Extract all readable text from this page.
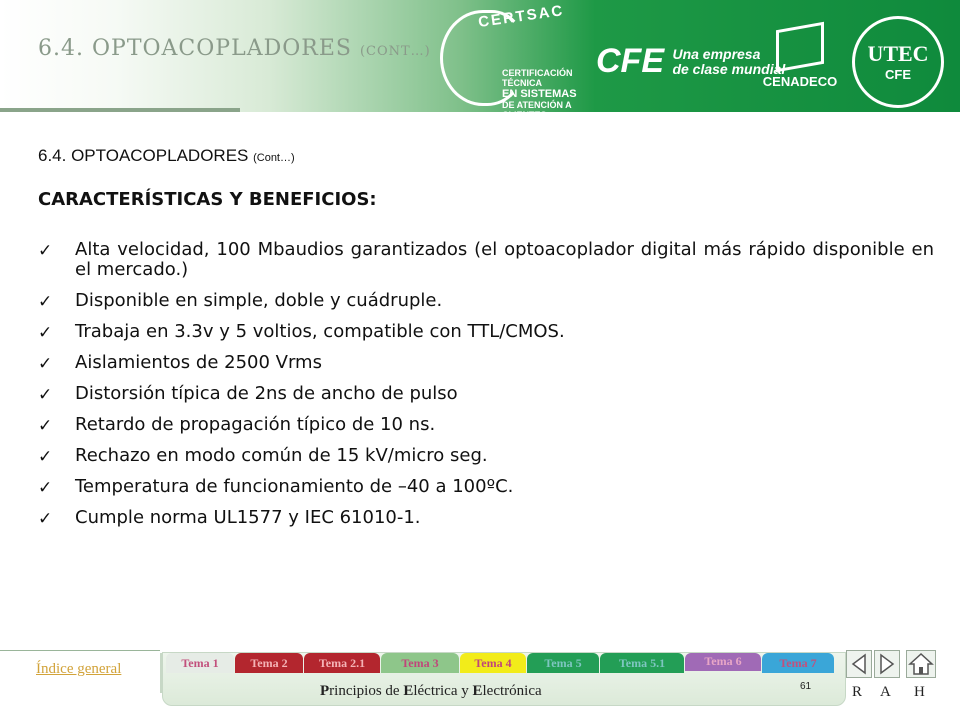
6.4. OPTOACOPLADORES (CONT…)
CERTSAC
CERTIFICACIÓN TÉCNICA
EN SISTEMAS
DE ATENCIÓN A CLIENTES
CFE Una empresa
de clase mundial
CENADECO
UTEC
CFE
6.4. OPTOACOPLADORES (Cont…)
CARACTERÍSTICAS Y BENEFICIOS:
✓ Alta velocidad, 100 Mbaudios garantizados (el optoacoplador digital más rápido disponible en el mercado.)
✓ Disponible en simple, doble y cuádruple.
✓ Trabaja en 3.3v y 5 voltios, compatible con TTL/CMOS.
✓ Aislamientos de 2500 Vrms
✓ Distorsión típica de 2ns de ancho de pulso
✓ Retardo de propagación típico de 10 ns.
✓ Rechazo en modo común de 15 kV/micro seg.
✓ Temperatura de funcionamiento de –40 a 100ºC.
✓ Cumple norma UL1577 y IEC 61010-1.
Índice general	Tema 1	Tema 2	Tema 2.1	Tema 3	Tema 4	Tema 5	Tema 5.1	Tema 6	Tema 7
Principios de Eléctrica y Electrónica	61	R A H
